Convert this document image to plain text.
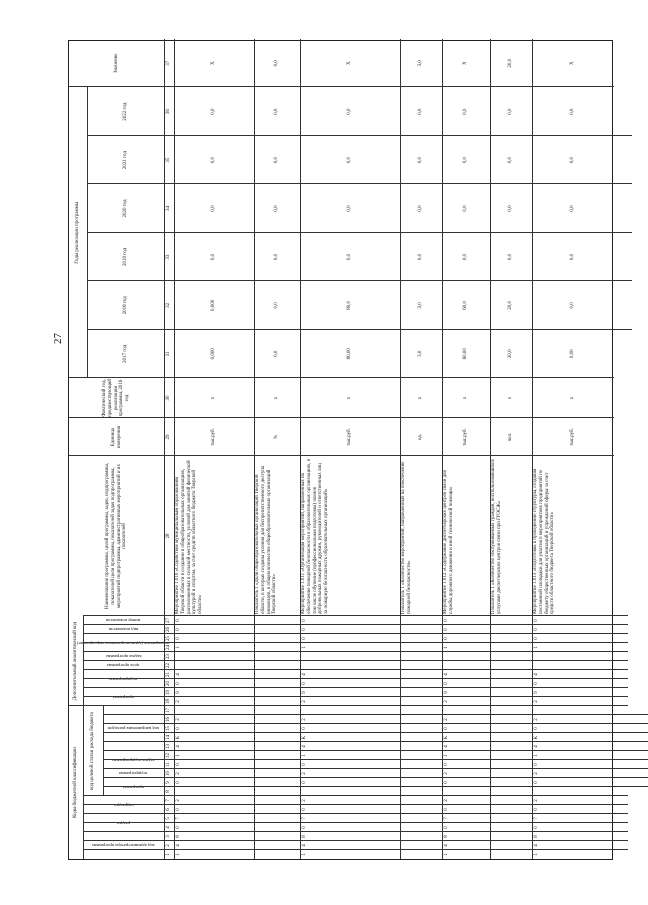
27
Коды бюджетной классификации
Дополнительный аналитический код
код администратора программы
раздел
подраздел
код целевой статьи расхода бюджета	программа
подпрограмма
задача подпрограммы
код направления расходов
программа
подпрограмма
цель программы
задача программы
мероприятие (административное мероприятие)
вид показателя
номер показателя
Наименование программы, целей программы, задач, подпрограммы, показателей цели программы, показателей задач подпрограммы, мероприятий подпрограммы, административных мероприятий и их показателей
Единица измерения
Фактический год, предшествующий реализации программы, 2016 год
Годы реализации программы
2017 год
2018 год
2019 год
2020 год
2021 год
2022 год
Значение
1
2
3
4
5
6
7
8
9
10
11
12
13
14
15
16
17
18
19
20
21
22
23
24
25
26
27
28
29
30
31
32
33
34
35
36
37
1
4
8
0
7
0
2
0
2
0
1
4
K
0
2
2
9
0
4
1
0
0
0
Мероприятие 1.010 «Содействие муниципальным образованиям Тверской области в создании в общеобразовательных организациях, расположенных в сельской местности, условий для занятий физической культурой и спортом, за счет средств областного бюджета Тверской области»
тыс.руб.
х
0,000
0,000
0,0
0,0
0,0
0,0
Х
Показатель 1 «Доля общеобразовательных организаций Тверской области, в которых созданы условия для беспрепятственного доступа инвалидов, в общем количестве общеобразовательных организаций Тверской области»
%
х
0,0
0,0
0,0
0,0
0,0
0,0
0,0
1
4
8
0
7
0
2
0
2
0
1
4
K
0
2
2
9
0
4
1
0
0
0
Мероприятие 1.011 «Организация мероприятий, направленных на обеспечение пожарной безопасности в образовательных организациях, в том числе обучение (профессиональная подготовка) членов добровольных пожарных дружин, руководителей и ответственных лиц за пожарную безопасность образовательных организаций»
тыс.руб.
х
80,00
80,0
0,0
0,0
0,0
0,0
Х
Показатель 1 «Количество мероприятий, направленных на обеспечение пожарной безопасности»
ед.
х
3,0
3,0
0,0
0,0
0,0
0,0
3,0
1
4
8
0
7
0
2
0
2
0
1
4
K
0
2
2
9
0
4
1
0
0
0
Мероприятие 1.012 «Содержание диспетчерских центров связи для службы дорожного движения и иной технической помощи»
тыс.руб.
х
60,00
60,0
0,0
0,0
0,0
0,0
Х
Показатель 1 «Количество обслуживаемых граждан, воспользовавшихся услугами диспетчерских центров связи при ГРЭСЖ»
чел.
х
20,0
20,0
0,0
0,0
0,0
0,0
20,0
1
4
8
0
7
0
2
0
2
0
1
4
K
0
2
2
9
0
4
1
0
0
0
Мероприятие 1.013 «Подготовка к проведению структуры, создания постоянной площадки для участия в мероприятиях предприятий по бюджету общественных организаций и учреждений сферы за счет средств областного бюджета Тверской области»
тыс.руб.
х
0,00
0,0
0,0
0,0
0,0
0,0
Х
